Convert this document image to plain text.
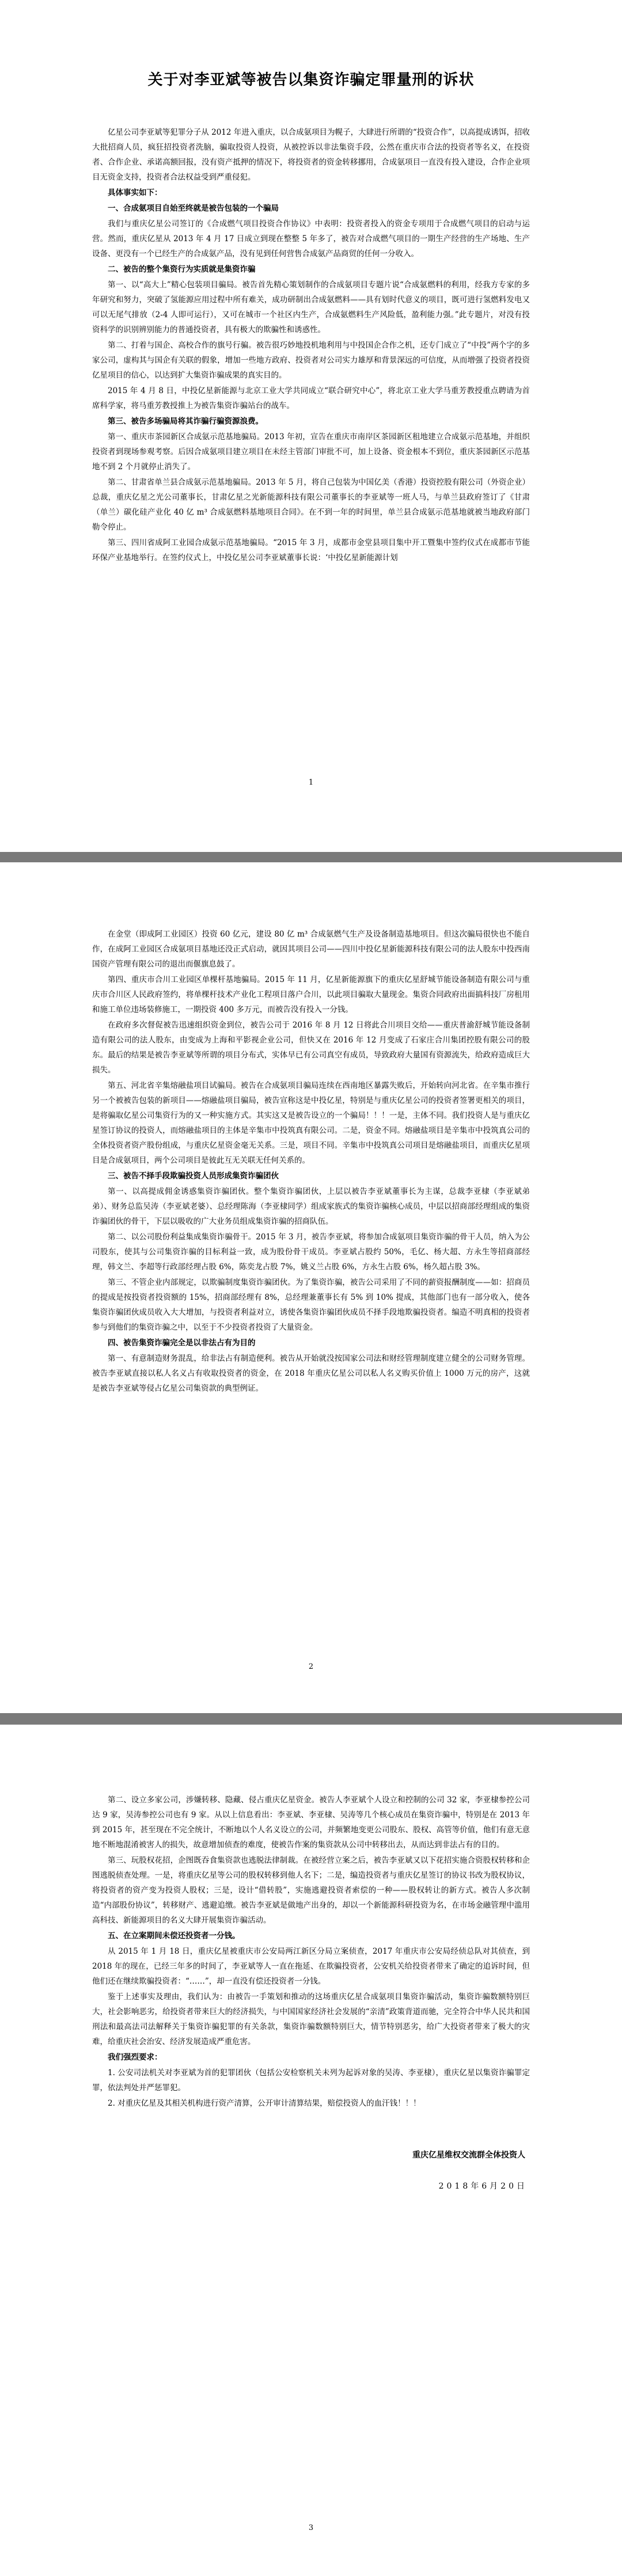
关于对李亚斌等被告以集资诈骗定罪量刑的诉状

亿星公司李亚斌等犯罪分子从 2012 年进入重庆，以合成氨项目为幌子，大肆进行所谓的“投资合作”，以高提成诱饵，招收大批招商人员，疯狂招投资者洗脑，骗取投资人投资，从被控诉以非法集资手段，公然在重庆市合法的投资者等名义，在投资者、合作企业、承诺高额回报，没有资产抵押的情况下，将投资者的资金转移挪用，合成氨项目一直没有投入建设，合作企业项目无资金支持，投资者合法权益受到严重侵犯。

具体事实如下：

一、合成氨项目自始至终就是被告包装的一个骗局

我们与重庆亿星公司签订的《合成燃气项目投资合作协议》中表明：投资者投入的资金专项用于合成燃气项目的启动与运营。然而，重庆亿星从 2013 年 4 月 17 日成立到现在整整 5 年多了，被告对合成燃气项目的一期生产经营的生产场地、生产设备、更没有一个已经生产的合成氨产品，没有见到任何营售合成氨产品商贸的任何一分收入。

二、被告的整个集资行为实质就是集资诈骗

第一、以“高大上”精心包装项目骗局。被告首先精心策划制作的合成氨项目专题片说“合成氨燃料的利用，经我方专家的多年研究和努力，突破了氢能源应用过程中所有难关，成功研制出合成氨燃料——具有划时代意义的项目，既可进行氢燃料发电又可以无尾气排放（2-4 人即可运行），又可在城市一个社区内生产，合成氨燃料生产风险低，盈利能力强。”此专题片，对没有投资科学的识别辨别能力的普通投资者，具有极大的欺骗性和诱惑性。

第二、打着与国企、高校合作的旗号行骗。被告很巧妙地投机地利用与中投国企合作之机，还专门成立了“中投”两个字的多家公司，虚构其与国企有关联的假象，增加一些地方政府、投资者对公司实力雄厚和背景深远的可信度，从而增强了投资者投资亿星项目的信心，以达到扩大集资诈骗成果的真实目的。

2015 年 4 月 8 日，中投亿星新能源与北京工业大学共同成立“联合研究中心”，将北京工业大学马重芳教授重点聘请为首席科学家，将马重芳教授推上为被告集资诈骗站台的战车。

第三、被告多场骗局将其诈骗行骗资源浪费。

第一、重庆市茶园新区合成氨示范基地骗局。2013 年初，宣告在重庆市南岸区茶园新区租地建立合成氨示范基地，并组织投资者到现场参观考察。后因合成氨项目建立项目在未经主管部门审批不可，加上设备、资金根本不到位，重庆茶园新区示范基地不到 2 个月就停止消失了。

第二、甘肃省单兰县合成氨示范基地骗局。2013 年 5 月，将自己包装为中国亿美（香港）投资控股有限公司（外资企业）总裁，重庆亿星之光公司董事长，甘肃亿星之光新能源科技有限公司董事长的李亚斌等一班人马，与单兰县政府签订了《甘肃（单兰）碳化硅产业化 40 亿 m³ 合成氨燃料基地项目合同》。在不到一年的时间里，单兰县合成氨示范基地就被当地政府部门勒令停止。

第三、四川省成阿工业园合成氨示范基地骗局。“2015 年 3 月，成都市金堂县项目集中开工暨集中签约仪式在成都市节能环保产业基地举行。在签约仪式上，中投亿星公司李亚斌董事长说：‘中投亿星新能源计划

1

在金堂（即成阿工业园区）投资 60 亿元，建设 80 亿 m³ 合成氨燃气生产及设备制造基地项目。但这次骗局很快也不能自作，在成阿工业园区合成氨项目基地还没正式启动，就因其项目公司——四川中投亿星新能源科技有限公司的法人股东中投西南国资产管理有限公司的退出而偃旗息鼓了。

第四、重庆市合川工业园区单棵杆基地骗局。2015 年 11 月，亿星新能源旗下的重庆亿星舒城节能设备制造有限公司与重庆市合川区人民政府签约，将单棵杆技术产业化工程项目落户合川，以此项目骗取大量现金。集资合同政府出面搞科技厂房租用和施工单位违场装修施工，一期投资 400 多万元，而被告没有投入一分钱。

在政府多次督促被告迅速组织资金到位，被告公司于 2016 年 8 月 12 日将此合川项目交给——重庆普渝舒城节能设备制造有限公司的法人股东，由变成为上海和平影视企业公司，但快又在 2016 年 12 月变成了石家庄合川集团控股有限公司的股东。最后的结果是被告李亚斌等所谓的项目分布式，实体早已有公司真空有成员，导致政府大量国有资源流失，给政府造成巨大损失。

第五、河北省辛集熔融盐项目试骗局。被告在合成氨项目骗局连续在西南地区暴露失败后，开始转向河北省。在辛集市推行另一个被被告包装的新项目——熔融盐项目骗局，被告宣称这是中投亿星，特别是与重庆亿星公司的投资者签署更相关的项目，是将骗取亿星公司集资行为的又一种实施方式。其实这又是被告设立的一个骗局！！！一是，主体不同。我们投资人是与重庆亿星签订协议的投资人，而熔融盐项目的主体是辛集市中投筑真有限公司。二是，资金不同。熔融盐项目是辛集市中投筑真公司的全体投资者资产股份组成，与重庆亿星资金毫无关系。三是，项目不同。辛集市中投筑真公司项目是熔融盐项目，而重庆亿星项目是合成氨项目，两个公司项目是彼此互无关联无任何关系的。

三、被告不择手段欺骗投资人员形成集资诈骗团伙

第一、以高提成佣金诱惑集资诈骗团伙。整个集资诈骗团伙，上层以被告李亚斌董事长为主谋，总裁李亚棣（李亚斌弟弟）、财务总监吴涛（李亚斌老婆）、总经理陈海（李亚棣同学）组成家族式的集资诈骗核心成员，中层以招商部经理组成的集资诈骗团伙的骨干，下层以吸收的广大业务员组成集资诈骗的招商队伍。

第二、以公司股份利益集成集资诈骗骨干。2015 年 3 月，被告李亚斌，将参加合成氨项目集资诈骗的骨干人员，纳入为公司股东，使其与公司集资诈骗的目标利益一致，成为股份骨干成员。李亚斌占股约 50%，毛亿、杨大超、方永生等招商部经理，韩文兰、李超等行政部经理占股 6%，陈奕龙占股 7%，姚义兰占股 6%，方永生占股 6%，杨久超占股 3%。

第三、不管企业内部规定，以欺骗制度集资诈骗团伙。为了集资诈骗，被告公司采用了不同的薪资报酬制度——如：招商员的提成是按投资者投资额的 15%，招商部经理有 8%，总经理兼董事长有 5% 到 10% 提成，其他部门也有一部分收入，使各集资诈骗团伙成员收入大大增加，与投资者利益对立，诱使各集资诈骗团伙成员不择手段地欺骗投资者。编造不明真相的投资者参与到他们的集资诈骗之中，以至于不少投资者投资了大量资金。

四、被告集资诈骗完全是以非法占有为目的

第一、有意制造财务混乱，给非法占有制造便利。被告从开始就没按国家公司法和财经管理制度建立健全的公司财务管理。被告李亚斌直接以私人名义占有收取投资者的资金，在 2018 年重庆亿星公司以私人名义购买价值上 1000 万元的房产，这就是被告李亚斌等侵占亿星公司集资款的典型例证。

2

第二、设立多家公司，涉嫌转移、隐藏、侵占重庆亿星资金。被告人李亚斌个人设立和控制的公司 32 家，李亚棣参控公司达 9 家，吴涛参控公司也有 9 家。从以上信息看出：李亚斌、李亚棣、吴涛等几个核心成员在集资诈骗中，特别是在 2013 年到 2015 年，甚至现在不完全统计，不断地以个人名义设立的公司，并频繁地变更公司股东、股权、高管等价值，他们有意无意地不断地混淆被害人的损失，故意增加侦查的难度，使被告作案的集资款从公司中转移出去，从而达到非法占有的目的。

第三、玩股权花招，企图既吞食集资款也逃脱法律制裁。在被经营立案之后，被告李亚斌又以下花招实施合资股权转移和企图逃脱侦查处理。一是，将重庆亿星等公司的股权转移到他人名下；二是，编造投资者与重庆亿星签订的协议书改为股权协议，将投资者的资产变为投资人股权；三是，设计“借转股”，实施逃避投资者索偿的一种——股权转让的新方式。被告人多次制造“内部股份协议”，转移财产、逃避追缴。被告李亚斌是做地产出身的，却以一个新能源科研投资为名，在市场金融管理中滥用高科技、新能源项目的名义大肆开展集资诈骗活动。

五、在立案期间未偿还投资者一分钱。

从 2015 年 1 月 18 日，重庆亿星被重庆市公安局两江新区分局立案侦查，2017 年重庆市公安局经侦总队对其侦查，到 2018 年的现在，已经三年多的时间了，李亚斌等人一直在拖延、在欺骗投资者，公安机关给投资者带来了确定的追诉时间，但他们还在继续欺骗投资者：“……”，却一直没有偿还投资者一分钱。

鉴于上述事实及理由，我们认为：由被告一手策划和推动的这场重庆亿星合成氨项目集资诈骗活动，集资诈骗数额特别巨大，社会影响恶劣，给投资者带来巨大的经济损失，与中国国家经济社会发展的“亲清”政策背道而驰，完全符合中华人民共和国刑法和最高法司法解释关于集资诈骗犯罪的有关条款，集资诈骗数额特别巨大，情节特别恶劣，给广大投资者带来了极大的灾难，给重庆社会治安、经济发展造成严重危害。

我们强烈要求：

1. 公安司法机关对李亚斌为首的犯罪团伙（包括公安检察机关未列为起诉对象的吴涛、李亚棣），重庆亿星以集资诈骗罪定罪，依法判处并严惩罪犯。

2. 对重庆亿星及其相关机构进行资产清算，公开审计清算结果，赔偿投资人的血汗钱！！！

重庆亿星维权交流群全体投资人
2018年6月20日
3
